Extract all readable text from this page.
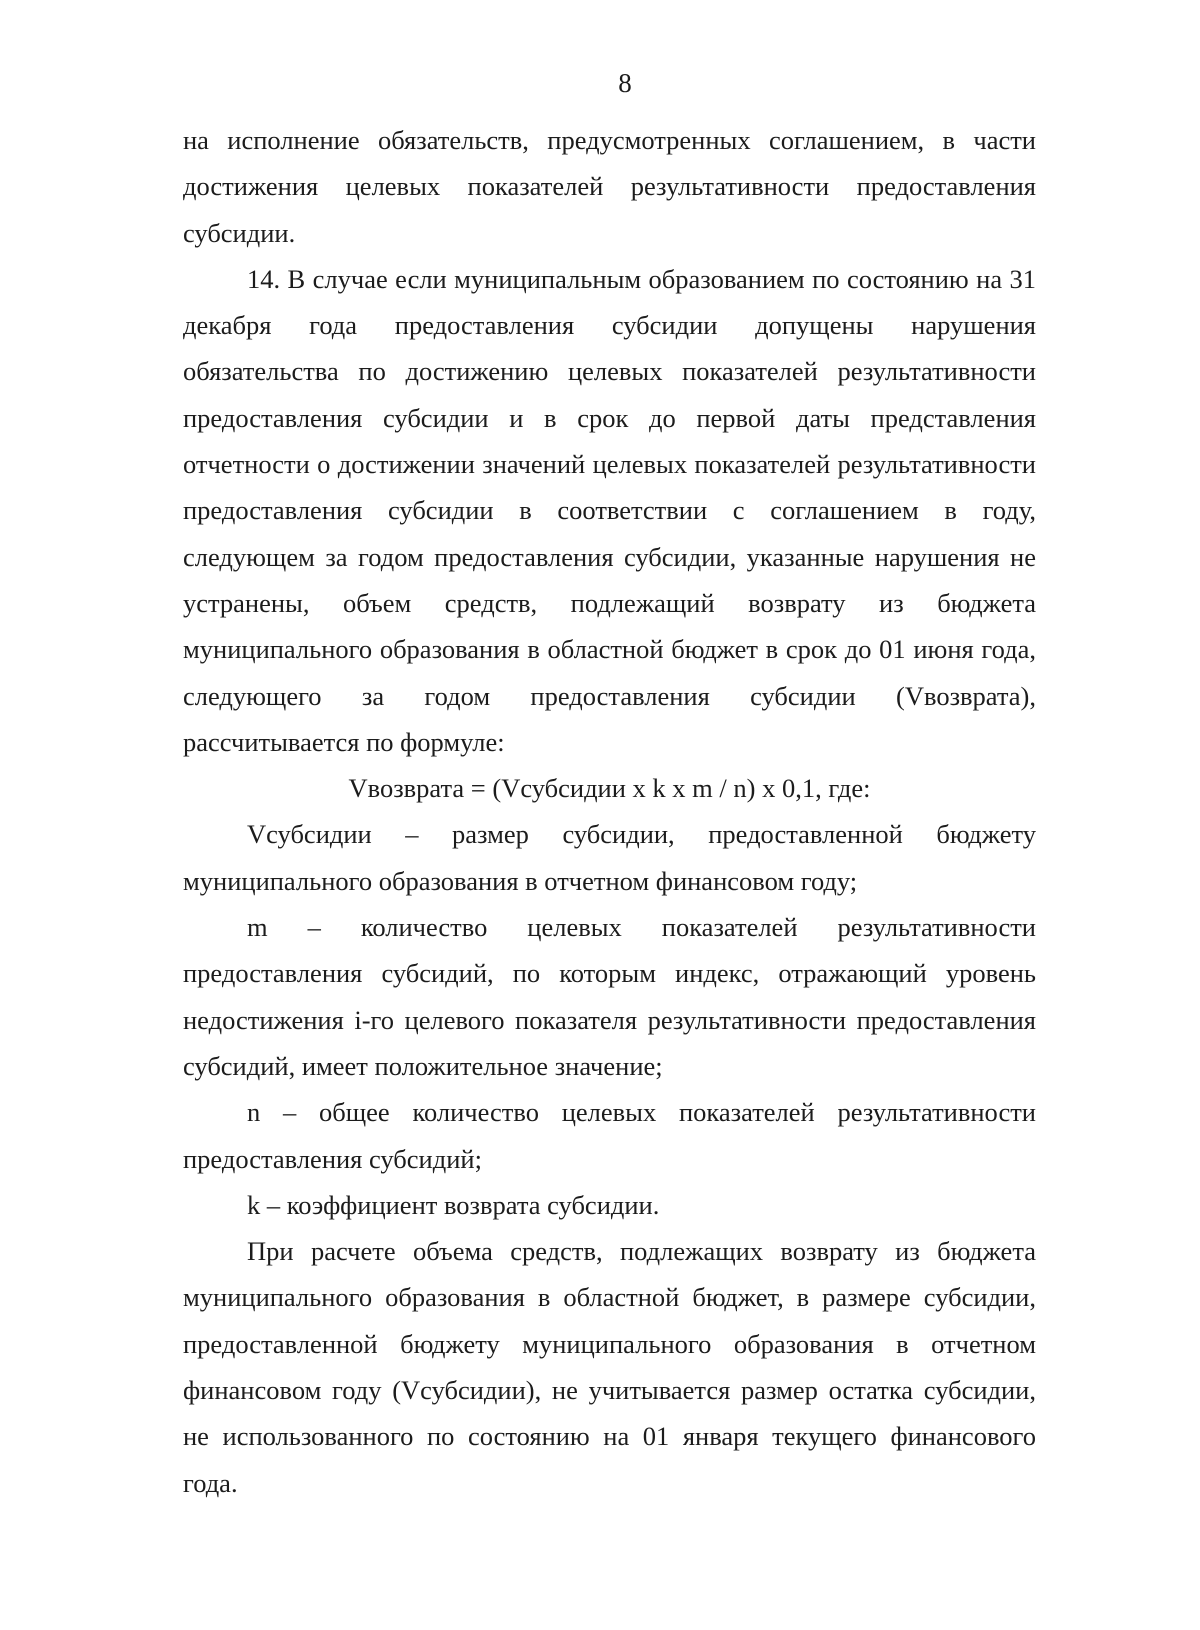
8

на исполнение обязательств, предусмотренных соглашением, в части достижения целевых показателей результативности предоставления субсидии.

14. В случае если муниципальным образованием по состоянию на 31 декабря года предоставления субсидии допущены нарушения обязательства по достижению целевых показателей результативности предоставления субсидии и в срок до первой даты представления отчетности о достижении значений целевых показателей результативности предоставления субсидии в соответствии с соглашением в году, следующем за годом предоставления субсидии, указанные нарушения не устранены, объем средств, подлежащий возврату из бюджета муниципального образования в областной бюджет в срок до 01 июня года, следующего за годом предоставления субсидии (Vвозврата), рассчитывается по формуле:

Vвозврата = (Vсубсидии x k x m / n) x 0,1, где:

Vсубсидии – размер субсидии, предоставленной бюджету муниципального образования в отчетном финансовом году;

m – количество целевых показателей результативности предоставления субсидий, по которым индекс, отражающий уровень недостижения i-го целевого показателя результативности предоставления субсидий, имеет положительное значение;

n – общее количество целевых показателей результативности предоставления субсидий;

k – коэффициент возврата субсидии.

При расчете объема средств, подлежащих возврату из бюджета муниципального образования в областной бюджет, в размере субсидии, предоставленной бюджету муниципального образования в отчетном финансовом году (Vсубсидии), не учитывается размер остатка субсидии, не использованного по состоянию на 01 января текущего финансового года.
